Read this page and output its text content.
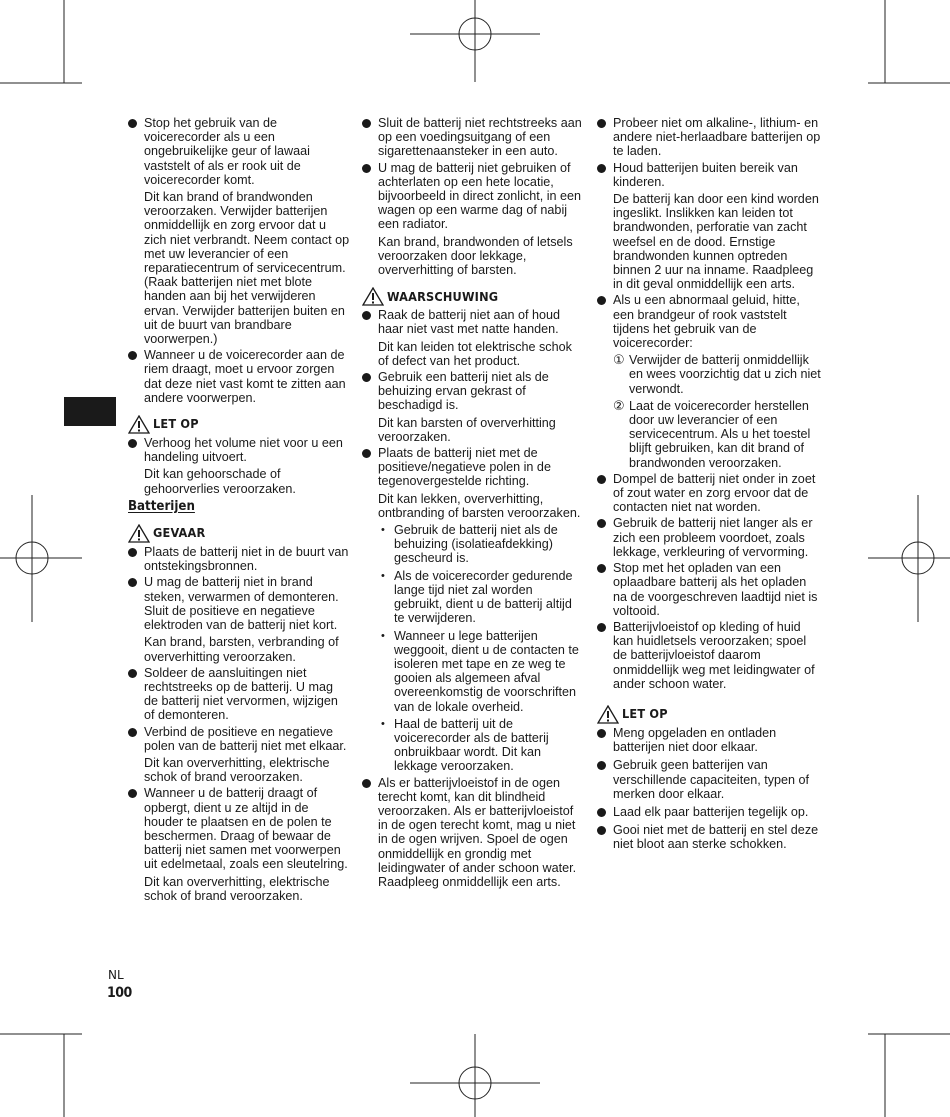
NL
100

Stop het gebruik van de voicerecorder als u een ongebruikelijke geur of lawaai vaststelt of als er rook uit de voicerecorder komt.

Dit kan brand of brandwonden veroorzaken. Verwijder batterijen onmiddellijk en zorg ervoor dat u zich niet verbrandt. Neem contact op met uw leverancier of een reparatiecentrum of servicecentrum. (Raak batterijen niet met blote handen aan bij het verwijderen ervan. Verwijder batterijen buiten en uit de buurt van brandbare voorwerpen.)

Wanneer u de voicerecorder aan de riem draagt, moet u ervoor zorgen dat deze niet vast komt te zitten aan andere voorwerpen.

LET OP

Verhoog het volume niet voor u een handeling uitvoert.

Dit kan gehoorschade of gehoorverlies veroorzaken.

Batterijen
GEVAAR

Plaats de batterij niet in de buurt van ontstekingsbronnen.

U mag de batterij niet in brand steken, verwarmen of demonteren. Sluit de positieve en negatieve elektroden van de batterij niet kort.

Kan brand, barsten, verbranding of oververhitting veroorzaken.

Soldeer de aansluitingen niet rechtstreeks op de batterij. U mag de batterij niet vervormen, wijzigen of demonteren.

Verbind de positieve en negatieve polen van de batterij niet met elkaar.

Dit kan oververhitting, elektrische schok of brand veroorzaken.

Wanneer u de batterij draagt of opbergt, dient u ze altijd in de houder te plaatsen en de polen te beschermen. Draag of bewaar de batterij niet samen met voorwerpen uit edelmetaal, zoals een sleutelring.

Dit kan oververhitting, elektrische schok of brand veroorzaken.

Sluit de batterij niet rechtstreeks aan op een voedingsuitgang of een sigarettenaansteker in een auto.

U mag de batterij niet gebruiken of achterlaten op een hete locatie, bijvoorbeeld in direct zonlicht, in een wagen op een warme dag of nabij een radiator.

Kan brand, brandwonden of letsels veroorzaken door lekkage, oververhitting of barsten.

WAARSCHUWING

Raak de batterij niet aan of houd haar niet vast met natte handen.

Dit kan leiden tot elektrische schok of defect van het product.

Gebruik een batterij niet als de behuizing ervan gekrast of beschadigd is.

Dit kan barsten of oververhitting veroorzaken.

Plaats de batterij niet met de positieve/negatieve polen in de tegenovergestelde richting.

Dit kan lekken, oververhitting, ontbranding of barsten veroorzaken.

• Gebruik de batterij niet als de behuizing (isolatieafdekking) gescheurd is.

• Als de voicerecorder gedurende lange tijd niet zal worden gebruikt, dient u de batterij altijd te verwijderen.

• Wanneer u lege batterijen weggooit, dient u de contacten te isoleren met tape en ze weg te gooien als algemeen afval overeenkomstig de voorschriften van de lokale overheid.

• Haal de batterij uit de voicerecorder als de batterij onbruikbaar wordt. Dit kan lekkage veroorzaken.

Als er batterijvloeistof in de ogen terecht komt, kan dit blindheid veroorzaken. Als er batterijvloeistof in de ogen terecht komt, mag u niet in de ogen wrijven. Spoel de ogen onmiddellijk en grondig met leidingwater of ander schoon water. Raadpleeg onmiddellijk een arts.

Probeer niet om alkaline-, lithium- en andere niet-herlaadbare batterijen op te laden.

Houd batterijen buiten bereik van kinderen.

De batterij kan door een kind worden ingeslikt. Inslikken kan leiden tot brandwonden, perforatie van zacht weefsel en de dood. Ernstige brandwonden kunnen optreden binnen 2 uur na inname. Raadpleeg in dit geval onmiddellijk een arts.

Als u een abnormaal geluid, hitte, een brandgeur of rook vaststelt tijdens het gebruik van de voicerecorder:

① Verwijder de batterij onmiddellijk en wees voorzichtig dat u zich niet verwondt.
② Laat de voicerecorder herstellen door uw leverancier of een servicecentrum. Als u het toestel blijft gebruiken, kan dit brand of brandwonden veroorzaken.

Dompel de batterij niet onder in zoet of zout water en zorg ervoor dat de contacten niet nat worden.

Gebruik de batterij niet langer als er zich een probleem voordoet, zoals lekkage, verkleuring of vervorming.

Stop met het opladen van een oplaadbare batterij als het opladen na de voorgeschreven laadtijd niet is voltooid.

Batterijvloeistof op kleding of huid kan huidletsels veroorzaken; spoel de batterijvloeistof daarom onmiddellijk weg met leidingwater of ander schoon water.

LET OP

Meng opgeladen en ontladen batterijen niet door elkaar.

Gebruik geen batterijen van verschillende capaciteiten, typen of merken door elkaar.

Laad elk paar batterijen tegelijk op.

Gooi niet met de batterij en stel deze niet bloot aan sterke schokken.
